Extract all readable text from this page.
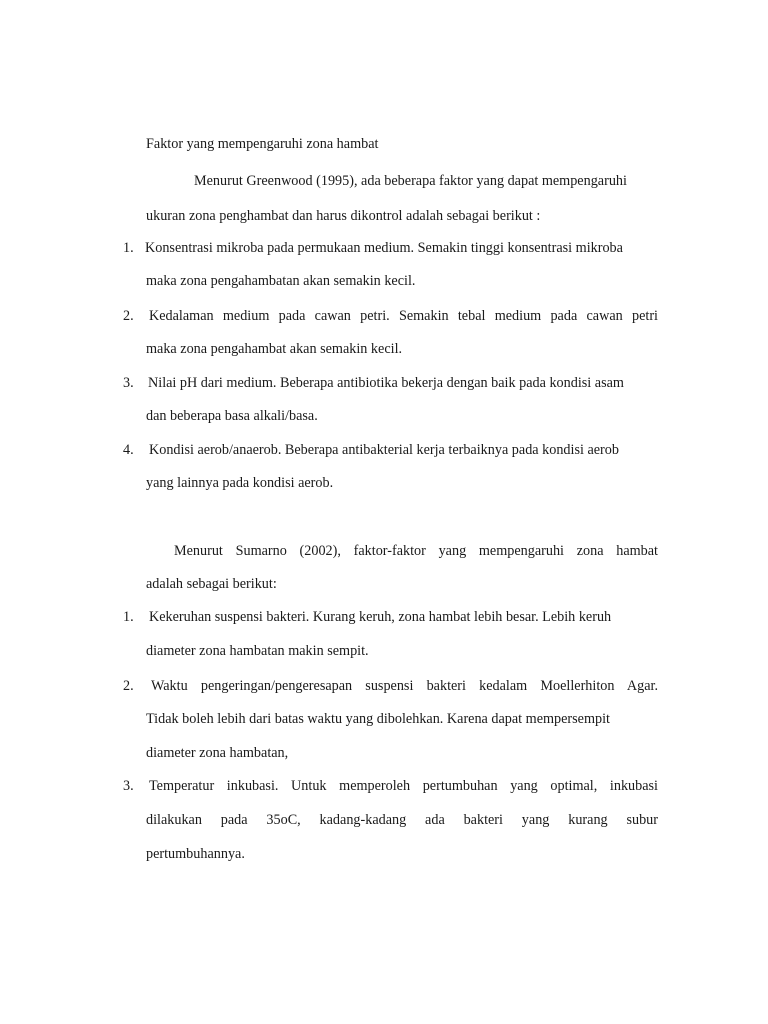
Faktor yang mempengaruhi zona hambat
Menurut Greenwood (1995), ada beberapa faktor yang dapat mempengaruhi
ukuran zona penghambat dan harus dikontrol adalah sebagai berikut :
1. Konsentrasi mikroba pada permukaan medium. Semakin tinggi konsentrasi mikroba
maka zona pengahambatan akan semakin kecil.
2. Kedalaman medium pada cawan petri. Semakin tebal medium pada cawan petri
maka zona pengahambat akan semakin kecil.
3. Nilai pH dari medium. Beberapa antibiotika bekerja dengan baik pada kondisi asam
dan beberapa basa alkali/basa.
4. Kondisi aerob/anaerob. Beberapa antibakterial kerja terbaiknya pada kondisi aerob
yang lainnya pada kondisi aerob.
Menurut Sumarno (2002), faktor-faktor yang mempengaruhi zona hambat
adalah sebagai berikut:
1. Kekeruhan suspensi bakteri. Kurang keruh, zona hambat lebih besar. Lebih keruh
diameter zona hambatan makin sempit.
2. Waktu pengeringan/pengeresapan suspensi bakteri kedalam Moellerhiton Agar.
Tidak boleh lebih dari batas waktu yang dibolehkan. Karena dapat mempersempit
diameter zona hambatan,
3. Temperatur inkubasi. Untuk memperoleh pertumbuhan yang optimal, inkubasi
dilakukan pada 35oC, kadang-kadang ada bakteri yang kurang subur
pertumbuhannya.
